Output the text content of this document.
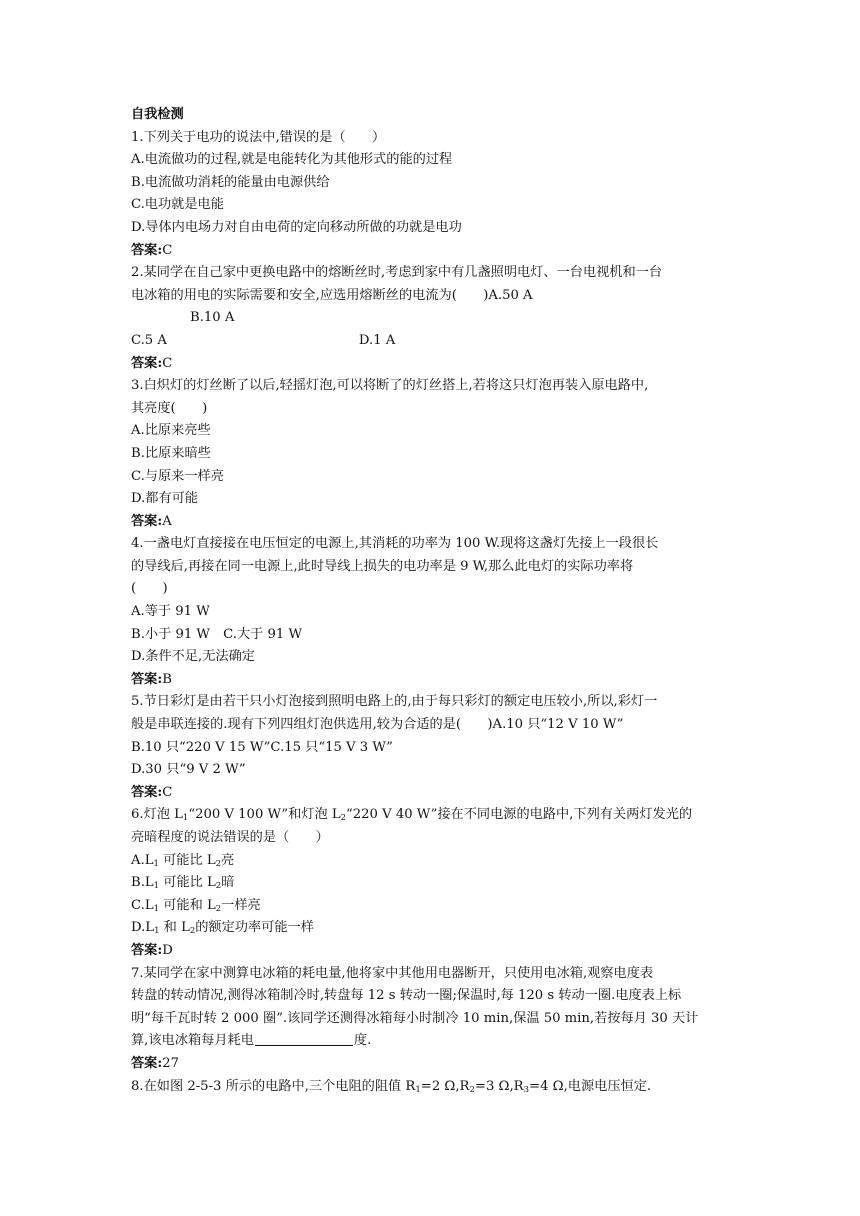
自我检测
1.下列关于电功的说法中,错误的是（　　）
A.电流做功的过程,就是电能转化为其他形式的能的过程
B.电流做功消耗的能量由电源供给
C.电功就是电能
D.导体内电场力对自由电荷的定向移动所做的功就是电功
答案:C
2.某同学在自己家中更换电路中的熔断丝时,考虑到家中有几盏照明电灯、一台电视机和一台
电冰箱的用电的实际需要和安全,应选用熔断丝的电流为(　　)A.50 A
B.10 A
C.5 A	D.1 A
答案:C
3.白炽灯的灯丝断了以后,轻摇灯泡,可以将断了的灯丝搭上,若将这只灯泡再装入原电路中,
其亮度(　　)
A.比原来亮些
B.比原来暗些
C.与原来一样亮
D.都有可能
答案:A
4.一盏电灯直接接在电压恒定的电源上,其消耗的功率为 100 W.现将这盏灯先接上一段很长
的导线后,再接在同一电源上,此时导线上损失的电功率是 9 W,那么此电灯的实际功率将
(　　)
A.等于 91 W
B.小于 91 W　C.大于 91 W
D.条件不足,无法确定
答案:B
5.节日彩灯是由若干只小灯泡接到照明电路上的,由于每只彩灯的额定电压较小,所以,彩灯一
般是串联连接的.现有下列四组灯泡供选用,较为合适的是(　　)A.10 只“12 V 10 W”
B.10 只“220 V 15 W”C.15 只“15 V 3 W”
D.30 只“9 V 2 W”
答案:C
6.灯泡 $L_1“200$ V 100 W”和灯泡 $L_2“220$ V 40 W”接在不同电源的电路中,下列有关两灯发光的
亮暗程度的说法错误的是（　　）
$A.L_1$ 可能比 $L_2$亮
$B.L_1$ 可能比 $L_2$暗
$C.L_1$ 可能和 $L_2$一样亮
$D.L_1$ 和 $L_2$的额定功率可能一样
答案:D
7.某同学在家中测算电冰箱的耗电量,他将家中其他用电器断开，只使用电冰箱,观察电度表
转盘的转动情况,测得冰箱制冷时,转盘每 12 s 转动一圈;保温时,每 120 s 转动一圈.电度表上标
明“每千瓦时转 2 000 圈”.该同学还测得冰箱每小时制冷 10 min,保温 50 min,若按每月 30 天计
算,该电冰箱每月耗电	度.
答案:27
8.在如图 2-5-3 所示的电路中,三个电阻的阻值 $R_1=2$ $\Omega,R_2=3$ $\Omega,R_3=4$ Ω,电源电压恒定.
